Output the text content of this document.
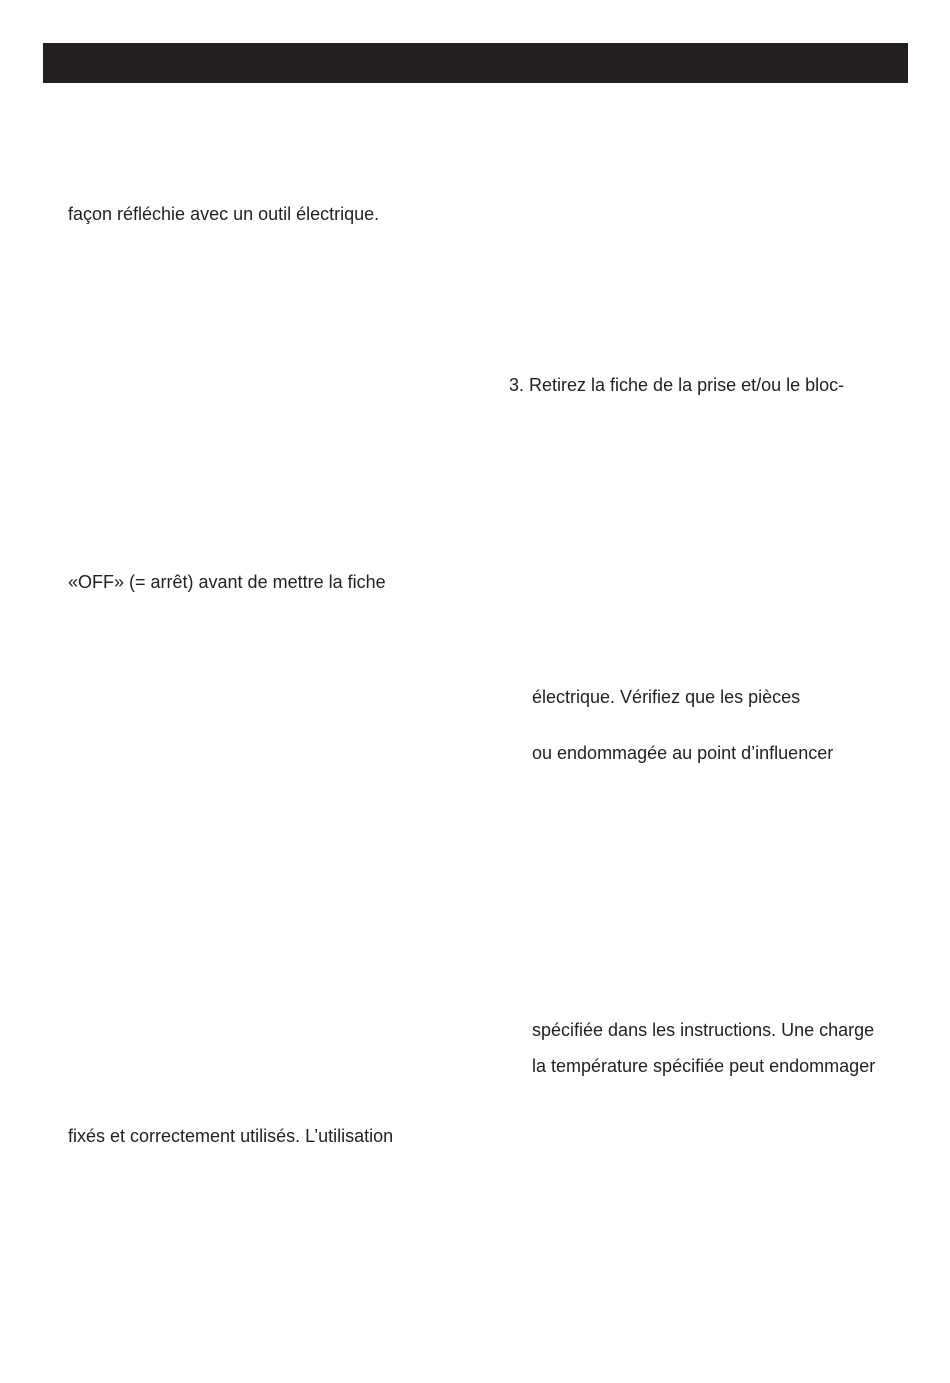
façon réfléchie avec un outil électrique.
3. Retirez la fiche de la prise et/ou le bloc-
«OFF» (= arrêt) avant de mettre la fiche
électrique. Vérifiez que les pièces
ou endommagée au point d’influencer
spécifiée dans les instructions. Une charge
la température spécifiée peut endommager
fixés et correctement utilisés. L’utilisation
